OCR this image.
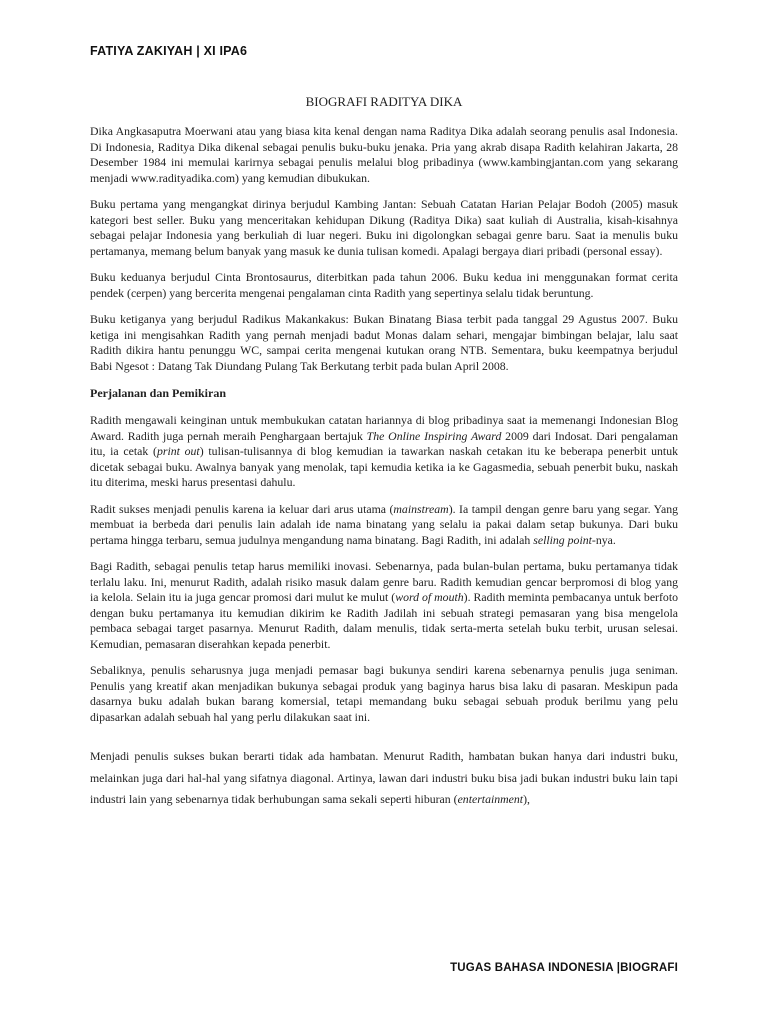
FATIYA ZAKIYAH | XI IPA6
BIOGRAFI RADITYA DIKA

Dika Angkasaputra Moerwani atau yang biasa kita kenal dengan nama Raditya Dika adalah seorang penulis asal Indonesia. Di Indonesia, Raditya Dika dikenal sebagai penulis buku-buku jenaka. Pria yang akrab disapa Radith kelahiran Jakarta, 28 Desember 1984 ini memulai karirnya sebagai penulis melalui blog pribadinya (www.kambingjantan.com yang sekarang menjadi www.radityadika.com) yang kemudian dibukukan.

Buku pertama yang mengangkat dirinya berjudul Kambing Jantan: Sebuah Catatan Harian Pelajar Bodoh (2005) masuk kategori best seller. Buku yang menceritakan kehidupan Dikung (Raditya Dika) saat kuliah di Australia, kisah-kisahnya sebagai pelajar Indonesia yang berkuliah di luar negeri. Buku ini digolongkan sebagai genre baru. Saat ia menulis buku pertamanya, memang belum banyak yang masuk ke dunia tulisan komedi. Apalagi bergaya diari pribadi (personal essay).

Buku keduanya berjudul Cinta Brontosaurus, diterbitkan pada tahun 2006. Buku kedua ini menggunakan format cerita pendek (cerpen) yang bercerita mengenai pengalaman cinta Radith yang sepertinya selalu tidak beruntung.

Buku ketiganya yang berjudul Radikus Makankakus: Bukan Binatang Biasa terbit pada tanggal 29 Agustus 2007. Buku ketiga ini mengisahkan Radith yang pernah menjadi badut Monas dalam sehari, mengajar bimbingan belajar, lalu saat Radith dikira hantu penunggu WC, sampai cerita mengenai kutukan orang NTB. Sementara, buku keempatnya berjudul Babi Ngesot : Datang Tak Diundang Pulang Tak Berkutang terbit pada bulan April 2008.

Perjalanan dan Pemikiran

Radith mengawali keinginan untuk membukukan catatan hariannya di blog pribadinya saat ia memenangi Indonesian Blog Award. Radith juga pernah meraih Penghargaan bertajuk The Online Inspiring Award 2009 dari Indosat. Dari pengalaman itu, ia cetak (print out) tulisan-tulisannya di blog kemudian ia tawarkan naskah cetakan itu ke beberapa penerbit untuk dicetak sebagai buku. Awalnya banyak yang menolak, tapi kemudia ketika ia ke Gagasmedia, sebuah penerbit buku, naskah itu diterima, meski harus presentasi dahulu.

Radit sukses menjadi penulis karena ia keluar dari arus utama (mainstream). Ia tampil dengan genre baru yang segar. Yang membuat ia berbeda dari penulis lain adalah ide nama binatang yang selalu ia pakai dalam setap bukunya. Dari buku pertama hingga terbaru, semua judulnya mengandung nama binatang. Bagi Radith, ini adalah selling point-nya.

Bagi Radith, sebagai penulis tetap harus memiliki inovasi. Sebenarnya, pada bulan-bulan pertama, buku pertamanya tidak terlalu laku. Ini, menurut Radith, adalah risiko masuk dalam genre baru. Radith kemudian gencar berpromosi di blog yang ia kelola. Selain itu ia juga gencar promosi dari mulut ke mulut (word of mouth). Radith meminta pembacanya untuk berfoto dengan buku pertamanya itu kemudian dikirim ke Radith Jadilah ini sebuah strategi pemasaran yang bisa mengelola pembaca sebagai target pasarnya. Menurut Radith, dalam menulis, tidak serta-merta setelah buku terbit, urusan selesai. Kemudian, pemasaran diserahkan kepada penerbit.

Sebaliknya, penulis seharusnya juga menjadi pemasar bagi bukunya sendiri karena sebenarnya penulis juga seniman. Penulis yang kreatif akan menjadikan bukunya sebagai produk yang baginya harus bisa laku di pasaran. Meskipun pada dasarnya buku adalah bukan barang komersial, tetapi memandang buku sebagai sebuah produk berilmu yang pelu dipasarkan adalah sebuah hal yang perlu dilakukan saat ini.

Menjadi penulis sukses bukan berarti tidak ada hambatan. Menurut Radith, hambatan bukan hanya dari industri buku, melainkan juga dari hal-hal yang sifatnya diagonal. Artinya, lawan dari industri buku bisa jadi bukan industri buku lain tapi industri lain yang sebenarnya tidak berhubungan sama sekali seperti hiburan (entertainment),

TUGAS BAHASA INDONESIA |BIOGRAFI
